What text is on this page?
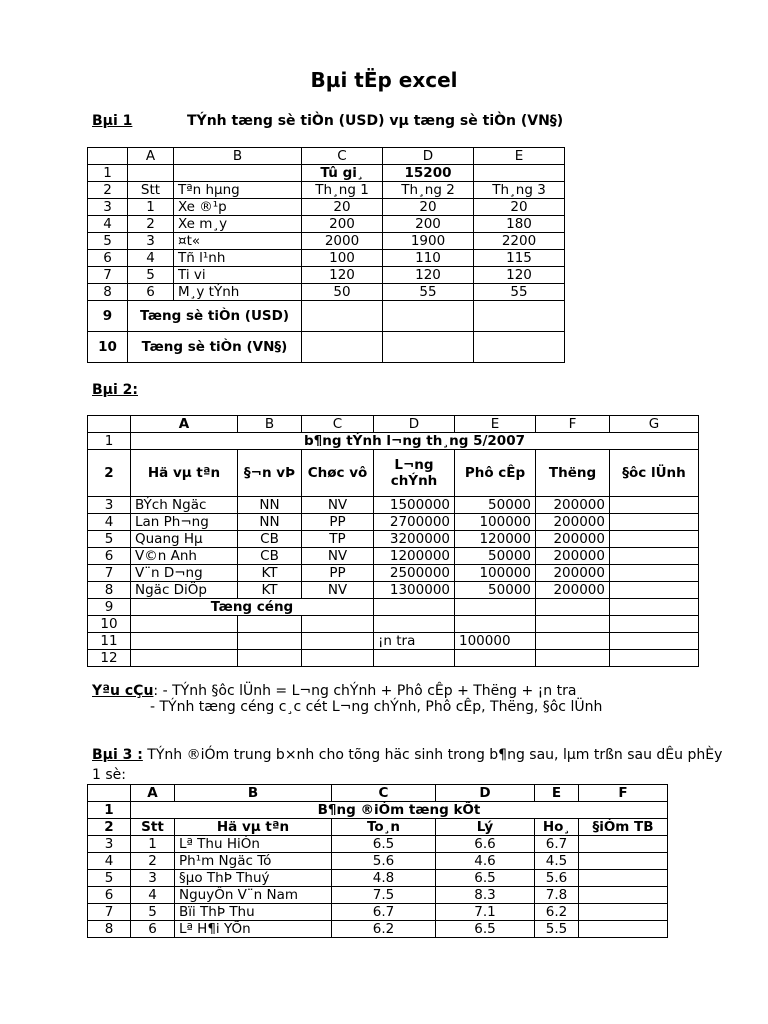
Bµi tËp excel
Bµi 1	TÝnh tæng sè tiÒn (USD) vµ tæng sè tiÒn (VN§)
	A	B	C	D	E
1			Tû gi¸	15200	
2	Stt	Tªn hµng	Th¸ng 1	Th¸ng 2	Th¸ng 3
3	1	Xe ®¹p	20	20	20
4	2	Xe m¸y	200	200	180
5	3	¤t«	2000	1900	2200
6	4	Tñ l¹nh	100	110	115
7	5	Ti vi	120	120	120
8	6	M¸y tÝnh	50	55	55
9	Tæng sè tiÒn (USD)				
10	Tæng sè tiÒn (VN§)				
Bµi 2:
	A	B	C	D	E	F	G
1	b¶ng tÝnh l¬ng th¸ng 5/2007						
2	Hä vµ tªn	§¬n vÞ	Chøc vô	L¬ng chÝnh	Phô cÊp	Thëng	§ôc lÜnh
3	BÝch Ngäc	NN	NV	1500000	50000	200000	
4	Lan Ph¬ng	NN	PP	2700000	100000	200000	
5	Quang Hµ	CB	TP	3200000	120000	200000	
6	V©n Anh	CB	NV	1200000	50000	200000	
7	V¨n D¬ng	KT	PP	2500000	100000	200000	
8	Ngäc DiÖp	KT	NV	1300000	50000	200000	
9	Tæng céng						
10							
11				¡n tra	100000		
12							
Yªu cÇu: - TÝnh §ôc lÜnh = L¬ng chÝnh + Phô cÊp + Thëng + ¡n tra
- TÝnh tæng céng c¸c cét L¬ng chÝnh, Phô cÊp, Thëng, §ôc lÜnh
Bµi 3 : TÝnh ®iÓm trung b×nh cho tõng häc sinh trong b¶ng sau, lµm trßn sau dÊu phÈy 1 sè:
	A	B	C	D	E	F
1	B¶ng ®iÓm tæng kÕt					
2	Stt	Hä vµ tªn	To¸n	Lý	Ho¸	§iÓm TB
3	1	Lª Thu HiÒn	6.5	6.6	6.7	
4	2	Ph¹m Ngäc Tó	5.6	4.6	4.5	
5	3	§µo ThÞ Thuý	4.8	6.5	5.6	
6	4	NguyÔn V¨n Nam	7.5	8.3	7.8	
7	5	Bïi ThÞ Thu	6.7	7.1	6.2	
8	6	Lª H¶i YÕn	6.2	6.5	5.5	
